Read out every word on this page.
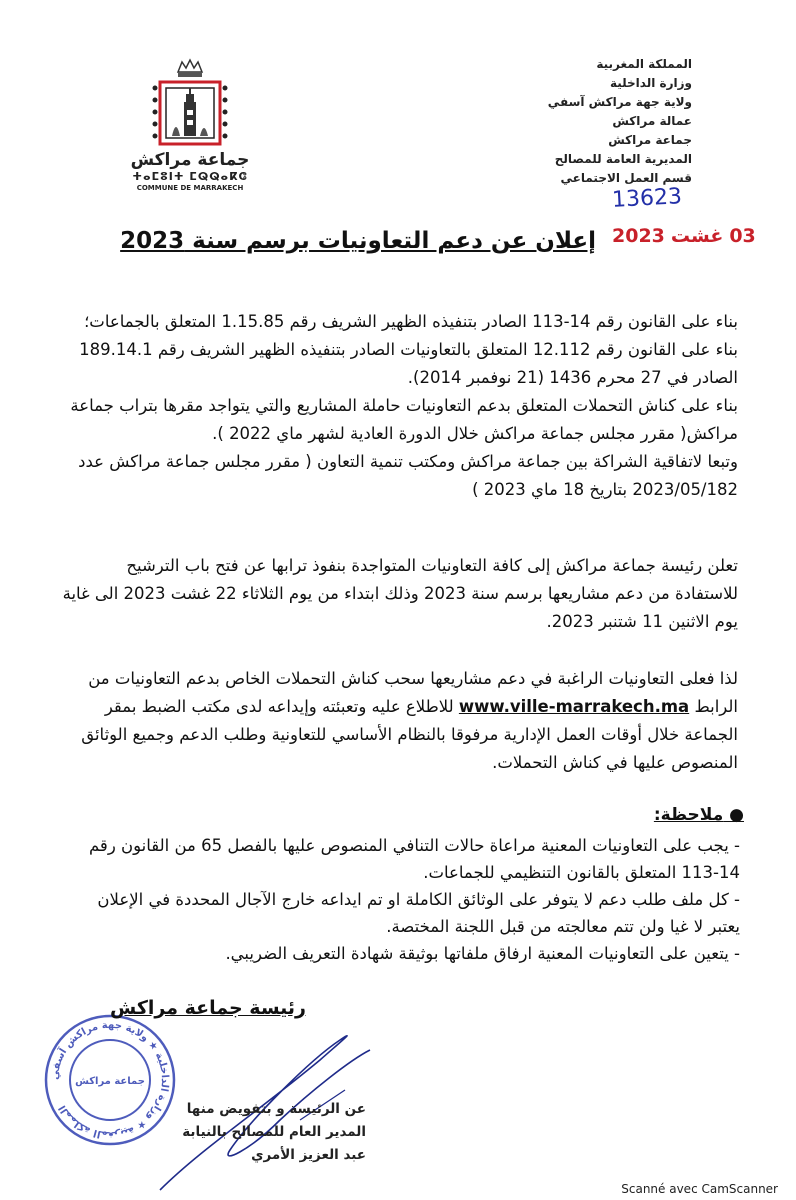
جماعة مراكش
ⵜⴰⵎⵓⵏⵜ ⵎⵕⵕⴰⴽⵛ
COMMUNE DE MARRAKECH
المملكة المغربية
وزارة الداخلية
ولاية جهة مراكش آسفي
عمالة مراكش
جماعة مراكش
المديرية العامة للمصالح
قسم العمل الاجتماعي
13623
03غشت2023
إعلان عن دعم التعاونيات برسم سنة 2023

بناء على القانون رقم 14-113 الصادر بتنفيذه الظهير الشريف رقم 1.15.85 المتعلق بالجماعات؛

بناء على القانون رقم 12.112 المتعلق بالتعاونيات الصادر بتنفيذه الظهير الشريف رقم 189.14.1 الصادر في 27 محرم 1436 (21 نوفمبر 2014).

بناء على كناش التحملات المتعلق بدعم التعاونيات حاملة المشاريع والتي يتواجد مقرها بتراب جماعة مراكش( مقرر مجلس جماعة مراكش خلال الدورة العادية لشهر ماي 2022 ).

وتبعا لاتفاقية الشراكة بين جماعة مراكش ومكتب تنمية التعاون ( مقرر مجلس جماعة مراكش عدد 2023/05/182 بتاريخ 18 ماي 2023 )

تعلن رئيسة جماعة مراكش إلى كافة التعاونيات المتواجدة بنفوذ ترابها عن فتح باب الترشيح للاستفادة من دعم مشاريعها برسم سنة 2023 وذلك ابتداء من يوم الثلاثاء 22 غشت 2023 الى غاية يوم الاثنين 11 شتنبر 2023.

لذا فعلى التعاونيات الراغبة في دعم مشاريعها سحب كناش التحملات الخاص بدعم التعاونيات من الرابط www.ville-marrakech.ma للاطلاع عليه وتعبئته وإيداعه لدى مكتب الضبط بمقر الجماعة خلال أوقات العمل الإدارية مرفوقا بالنظام الأساسي للتعاونية وطلب الدعم وجميع الوثائق المنصوص عليها في كناش التحملات.

● ملاحظة:

- يجب على التعاونيات المعنية مراعاة حالات التنافي المنصوص عليها بالفصل 65 من القانون رقم 14-113 المتعلق بالقانون التنظيمي للجماعات.

- كل ملف طلب دعم لا يتوفر على الوثائق الكاملة او تم ايداعه خارج الآجال المحددة في الإعلان يعتبر لا غيا ولن تتم معالجته من قبل اللجنة المختصة.

- يتعين على التعاونيات المعنية ارفاق ملفاتها بوثيقة شهادة التعريف الضريبي.

المملكة المغربية ★ وزارة الداخلية ★ ولاية جهة مراكش آسفي
جماعة مراكش
رئيسة جماعة مراكش
عن الرئيسة و بتفويض منها
المدير العام للمصالح بالنيابة
عبد العزيز الأمري
Scanné avec CamScanner
